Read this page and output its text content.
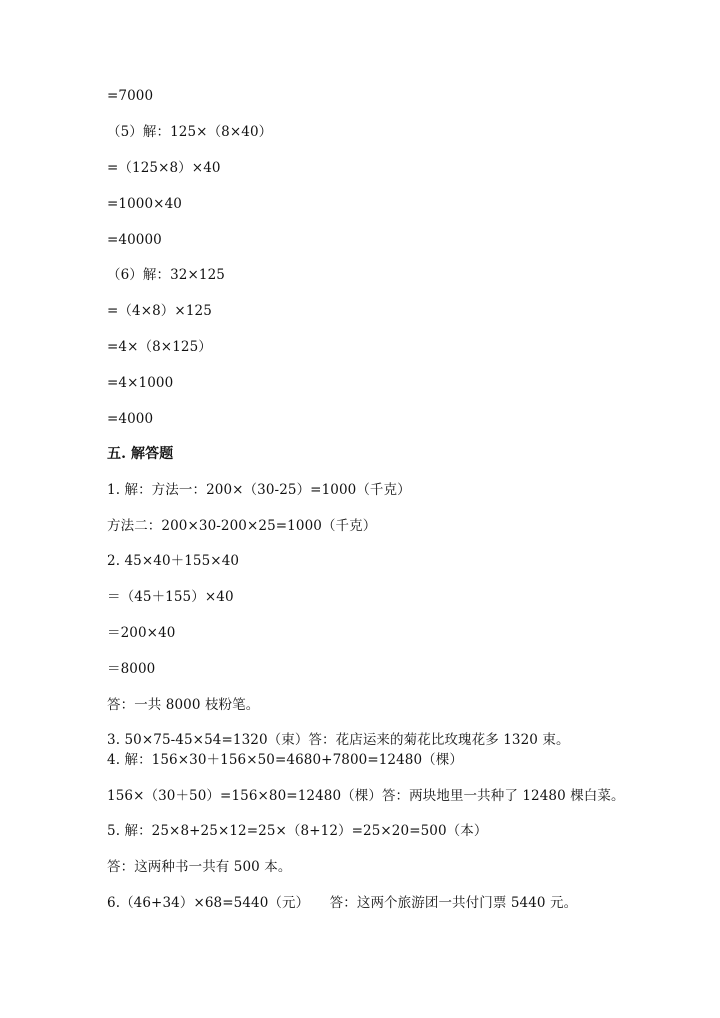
=7000
（5）解：125×（8×40）
=（125×8）×40
=1000×40
=40000
（6）解：32×125
=（4×8）×125
=4×（8×125）
=4×1000
=4000
五. 解答题
1. 解：方法一：200×（30-25）=1000（千克）
方法二：200×30-200×25=1000（千克）
2. 45×40＋155×40
＝（45＋155）×40
＝200×40
＝8000
答：一共 8000 枝粉笔。
3. 50×75-45×54=1320（束）答：花店运来的菊花比玫瑰花多 1320 束。
4. 解：156×30＋156×50=4680+7800=12480（棵）
156×（30＋50）=156×80=12480（棵）答：两块地里一共种了 12480 棵白菜。
5. 解：25×8+25×12=25×（8+12）=25×20=500（本）
答：这两种书一共有 500 本。
6.（46+34）×68=5440（元）　　答：这两个旅游团一共付门票 5440 元。
